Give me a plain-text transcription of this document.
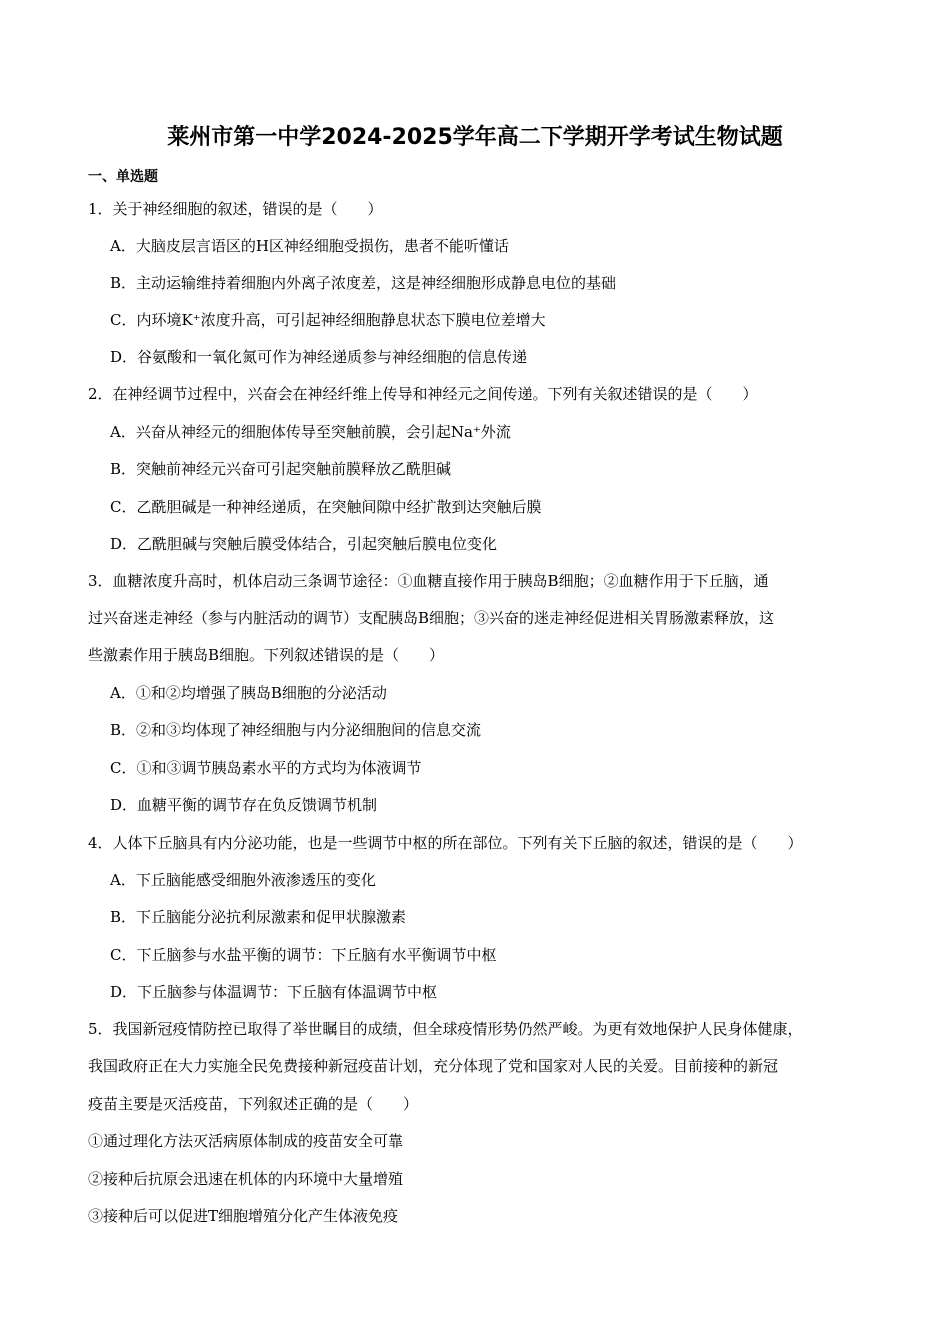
莱州市第一中学2024-2025学年高二下学期开学考试生物试题
一、单选题
1．关于神经细胞的叙述，错误的是（　　）
A．大脑皮层言语区的H区神经细胞受损伤，患者不能听懂话
B．主动运输维持着细胞内外离子浓度差，这是神经细胞形成静息电位的基础
C．内环境K⁺浓度升高，可引起神经细胞静息状态下膜电位差增大
D．谷氨酸和一氧化氮可作为神经递质参与神经细胞的信息传递
2．在神经调节过程中，兴奋会在神经纤维上传导和神经元之间传递。下列有关叙述错误的是（　　）
A．兴奋从神经元的细胞体传导至突触前膜，会引起Na⁺外流
B．突触前神经元兴奋可引起突触前膜释放乙酰胆碱
C．乙酰胆碱是一种神经递质，在突触间隙中经扩散到达突触后膜
D．乙酰胆碱与突触后膜受体结合，引起突触后膜电位变化
3．血糖浓度升高时，机体启动三条调节途径：①血糖直接作用于胰岛B细胞；②血糖作用于下丘脑，通
过兴奋迷走神经（参与内脏活动的调节）支配胰岛B细胞；③兴奋的迷走神经促进相关胃肠激素释放，这
些激素作用于胰岛B细胞。下列叙述错误的是（　　）
A．①和②均增强了胰岛B细胞的分泌活动
B．②和③均体现了神经细胞与内分泌细胞间的信息交流
C．①和③调节胰岛素水平的方式均为体液调节
D．血糖平衡的调节存在负反馈调节机制
4．人体下丘脑具有内分泌功能，也是一些调节中枢的所在部位。下列有关下丘脑的叙述，错误的是（　　）
A．下丘脑能感受细胞外液渗透压的变化
B．下丘脑能分泌抗利尿激素和促甲状腺激素
C．下丘脑参与水盐平衡的调节：下丘脑有水平衡调节中枢
D．下丘脑参与体温调节：下丘脑有体温调节中枢
5．我国新冠疫情防控已取得了举世瞩目的成绩，但全球疫情形势仍然严峻。为更有效地保护人民身体健康，
我国政府正在大力实施全民免费接种新冠疫苗计划，充分体现了党和国家对人民的关爱。目前接种的新冠
疫苗主要是灭活疫苗，下列叙述正确的是（　　）
①通过理化方法灭活病原体制成的疫苗安全可靠
②接种后抗原会迅速在机体的内环境中大量增殖
③接种后可以促进T细胞增殖分化产生体液免疫
